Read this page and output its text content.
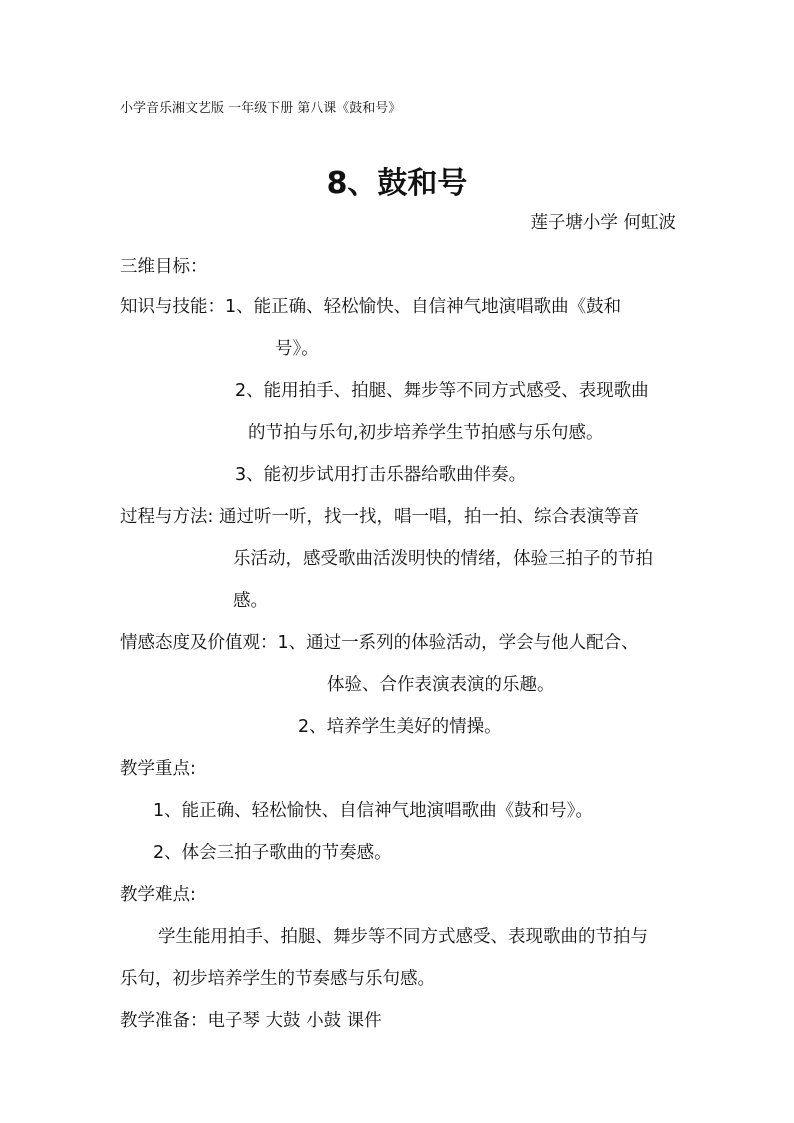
小学音乐湘文艺版 一年级下册 第八课《鼓和号》
8、鼓和号
莲子塘小学 何虹波
三维目标：
知识与技能：1、能正确、轻松愉快、自信神气地演唱歌曲《鼓和
号》。
2、能用拍手、拍腿、舞步等不同方式感受、表现歌曲
的节拍与乐句,初步培养学生节拍感与乐句感。
3、能初步试用打击乐器给歌曲伴奏。
过程与方法: 通过听一听，找一找，唱一唱，拍一拍、综合表演等音
乐活动，感受歌曲活泼明快的情绪，体验三拍子的节拍
感。
情感态度及价值观：1、通过一系列的体验活动，学会与他人配合、
体验、合作表演表演的乐趣。
2、培养学生美好的情操。
教学重点:
1、能正确、轻松愉快、自信神气地演唱歌曲《鼓和号》。
2、体会三拍子歌曲的节奏感。
教学难点:
学生能用拍手、拍腿、舞步等不同方式感受、表现歌曲的节拍与
乐句，初步培养学生的节奏感与乐句感。
教学准备：电子琴 大鼓 小鼓 课件
